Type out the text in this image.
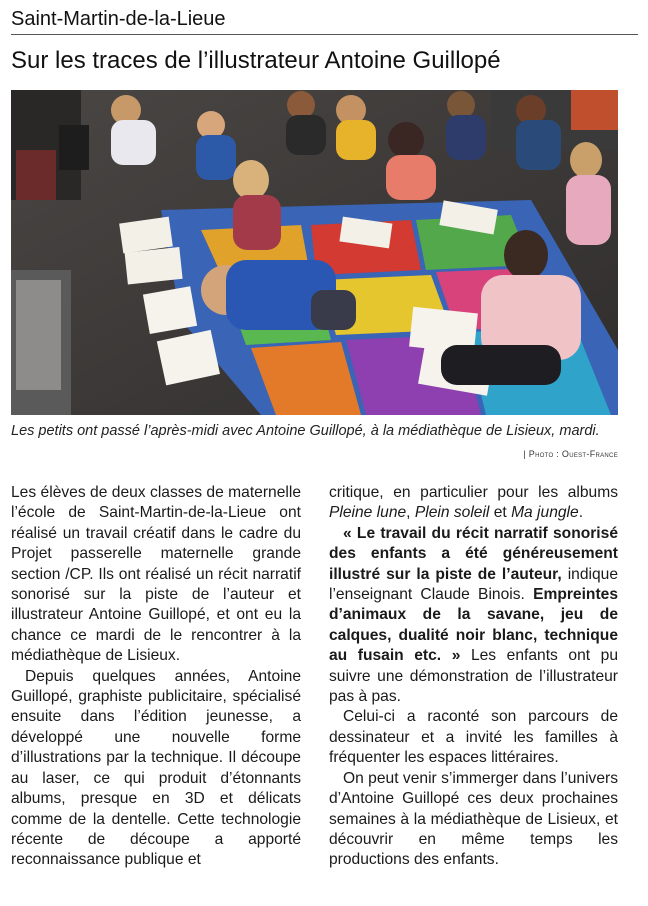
Saint-Martin-de-la-Lieue
Sur les traces de l’illustrateur Antoine Guillopé
Les petits ont passé l’après-midi avec Antoine Guillopé, à la médiathèque de Lisieux, mardi.
| Photo : Ouest-France

Les élèves de deux classes de maternelle l’école de Saint-Martin-de-la-Lieue ont réalisé un travail créatif dans le cadre du Projet passerelle maternelle grande section /CP. Ils ont réalisé un récit narratif sonorisé sur la piste de l’auteur et illustrateur Antoine Guillopé, et ont eu la chance ce mardi de le rencontrer à la médiathèque de Lisieux.

Depuis quelques années, Antoine Guillopé, graphiste publicitaire, spécialisé ensuite dans l’édition jeunesse, a développé une nouvelle forme d’illustrations par la technique. Il découpe au laser, ce qui produit d’étonnants albums, presque en 3D et délicats comme de la dentelle. Cette technologie récente de découpe a apporté reconnaissance publique et

critique, en particulier pour les albums Pleine lune, Plein soleil et Ma jungle.

« Le travail du récit narratif sonorisé des enfants a été généreusement illustré sur la piste de l’auteur, indique l’enseignant Claude Binois. Empreintes d’animaux de la savane, jeu de calques, dualité noir blanc, technique au fusain etc. » Les enfants ont pu suivre une démonstration de l’illustrateur pas à pas.

Celui-ci a raconté son parcours de dessinateur et a invité les familles à fréquenter les espaces littéraires.

On peut venir s’immerger dans l’univers d’Antoine Guillopé ces deux prochaines semaines à la médiathèque de Lisieux, et découvrir en même temps les productions des enfants.
